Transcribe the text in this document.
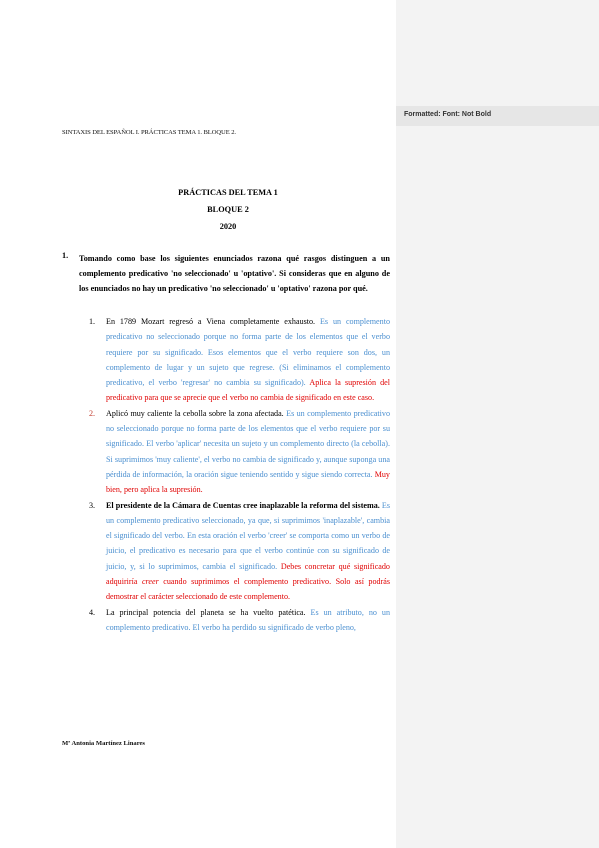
Formatted: Font: Not Bold
SINTAXIS DEL ESPAÑOL I. PRÁCTICAS TEMA 1. BLOQUE 2.
PRÁCTICAS DEL TEMA 1
BLOQUE 2
2020
1. Tomando como base los siguientes enunciados razona qué rasgos distinguen a un complemento predicativo 'no seleccionado' u 'optativo'. Si consideras que en alguno de los enunciados no hay un predicativo 'no seleccionado' u 'optativo' razona por qué.

1. En 1789 Mozart regresó a Viena completamente exhausto. Es un complemento predicativo no seleccionado porque no forma parte de los elementos que el verbo requiere por su significado. Esos elementos que el verbo requiere son dos, un complemento de lugar y un sujeto que regrese. (Si eliminamos el complemento predicativo, el verbo 'regresar' no cambia su significado). Aplica la supresión del predicativo para que se aprecie que el verbo no cambia de significado en este caso.

2. Aplicó muy caliente la cebolla sobre la zona afectada. Es un complemento predicativo no seleccionado porque no forma parte de los elementos que el verbo requiere por su significado. El verbo 'aplicar' necesita un sujeto y un complemento directo (la cebolla). Si suprimimos 'muy caliente', el verbo no cambia de significado y, aunque suponga una pérdida de información, la oración sigue teniendo sentido y sigue siendo correcta. Muy bien, pero aplica la supresión.

3. El presidente de la Cámara de Cuentas cree inaplazable la reforma del sistema. Es un complemento predicativo seleccionado, ya que, si suprimimos 'inaplazable', cambia el significado del verbo. En esta oración el verbo 'creer' se comporta como un verbo de juicio, el predicativo es necesario para que el verbo continúe con su significado de juicio, y, si lo suprimimos, cambia el significado. Debes concretar qué significado adquiriría creer cuando suprimimos el complemento predicativo. Solo así podrás demostrar el carácter seleccionado de este complemento.

4. La principal potencia del planeta se ha vuelto patética. Es un atributo, no un complemento predicativo. El verbo ha perdido su significado de verbo pleno,

Mª Antonia Martínez Linares
